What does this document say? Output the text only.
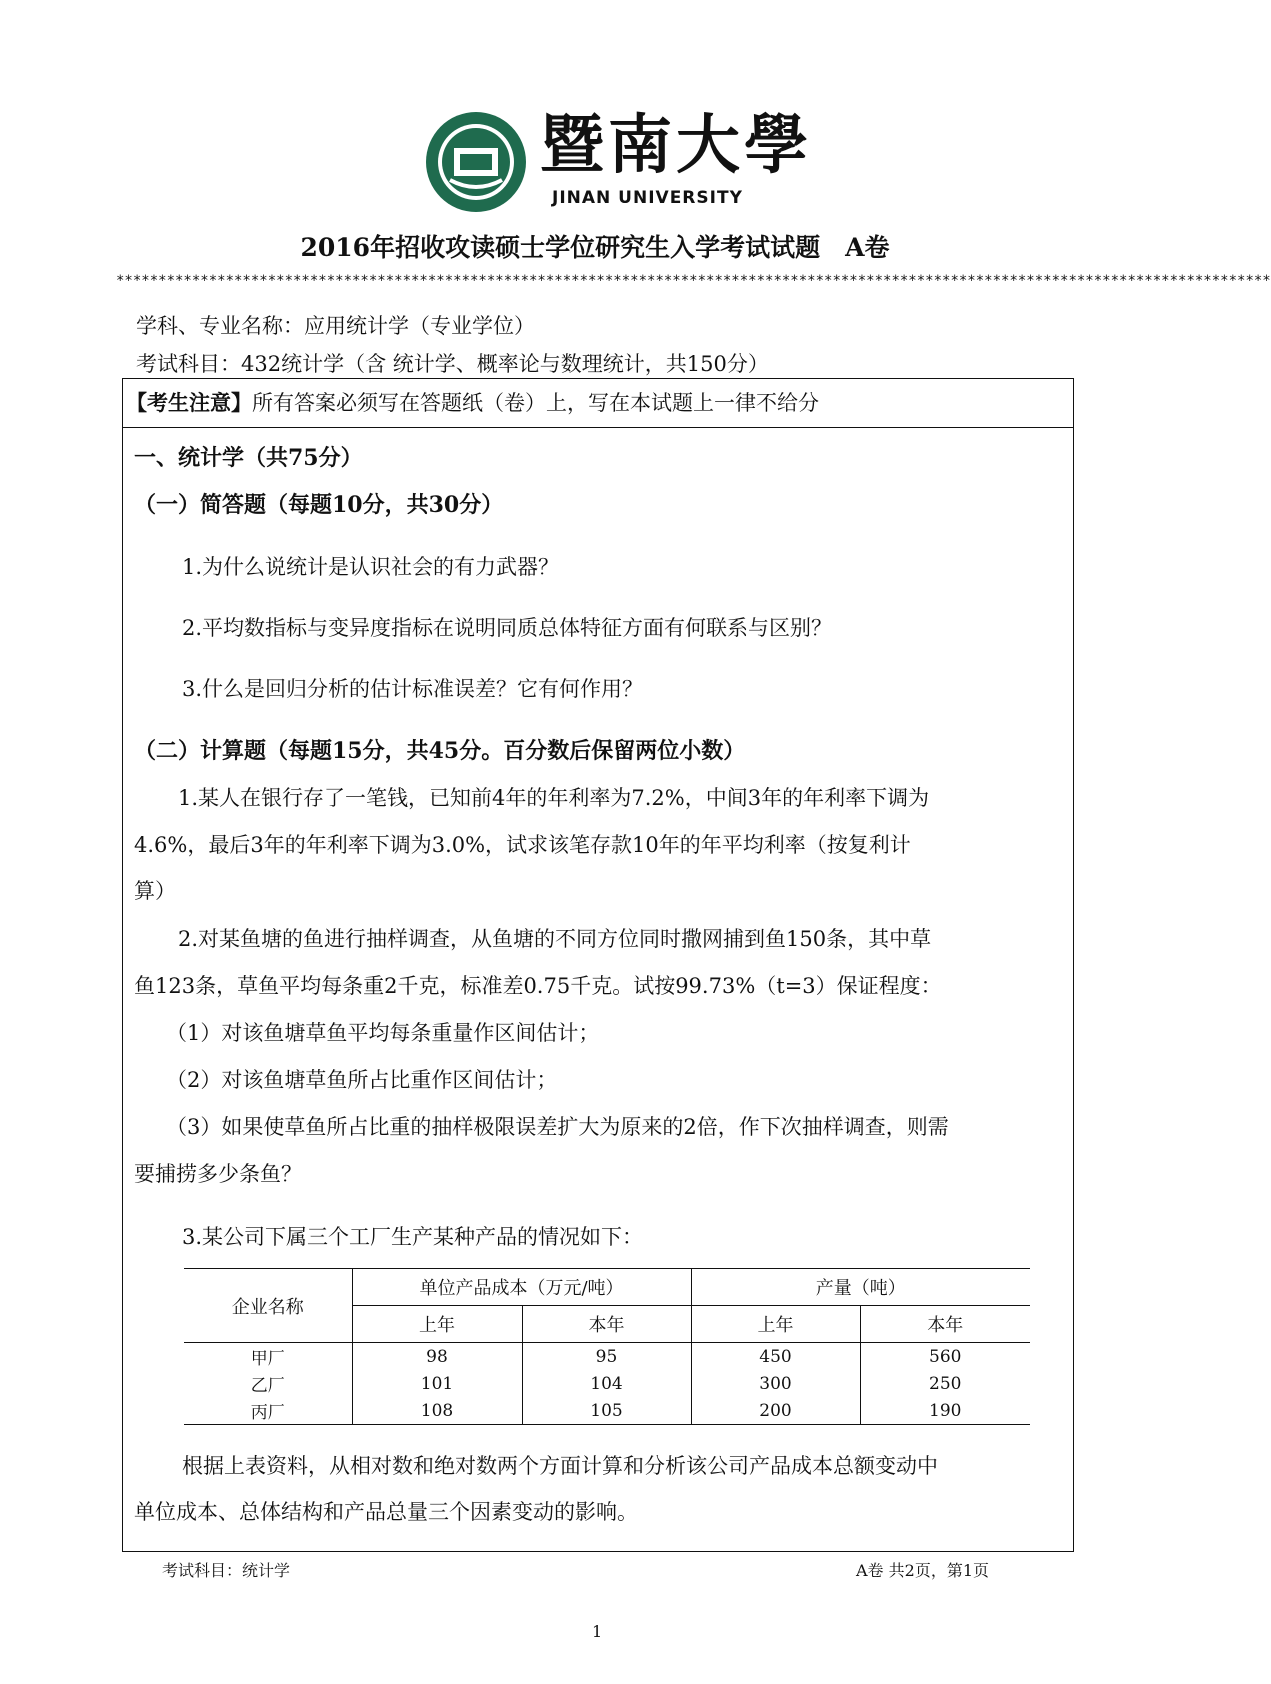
暨南大學
JINAN UNIVERSITY
2016年招收攻读硕士学位研究生入学考试试题　A卷
*****************************************************************************************************************************************
学科、专业名称：应用统计学（专业学位）
考试科目：432统计学（含 统计学、概率论与数理统计，共150分）
【考生注意】所有答案必须写在答题纸（卷）上，写在本试题上一律不给分
一、统计学（共75分）
（一）简答题（每题10分，共30分）
1.为什么说统计是认识社会的有力武器？
2.平均数指标与变异度指标在说明同质总体特征方面有何联系与区别？
3.什么是回归分析的估计标准误差？它有何作用？
（二）计算题（每题15分，共45分。百分数后保留两位小数）
1.某人在银行存了一笔钱，已知前4年的年利率为7.2%，中间3年的年利率下调为
4.6%，最后3年的年利率下调为3.0%，试求该笔存款10年的年平均利率（按复利计
算）
2.对某鱼塘的鱼进行抽样调查，从鱼塘的不同方位同时撒网捕到鱼150条，其中草
鱼123条，草鱼平均每条重2千克，标准差0.75千克。试按99.73%（t=3）保证程度：
（1）对该鱼塘草鱼平均每条重量作区间估计；
（2）对该鱼塘草鱼所占比重作区间估计；
（3）如果使草鱼所占比重的抽样极限误差扩大为原来的2倍，作下次抽样调查，则需
要捕捞多少条鱼？
3.某公司下属三个工厂生产某种产品的情况如下：
企业名称	单位产品成本（万元/吨）		产量（吨）	
	上年	本年	上年	本年
甲厂	98	95	450	560
乙厂	101	104	300	250
丙厂	108	105	200	190
根据上表资料，从相对数和绝对数两个方面计算和分析该公司产品成本总额变动中
单位成本、总体结构和产品总量三个因素变动的影响。
考试科目：统计学	A卷 共2页，第1页
1
